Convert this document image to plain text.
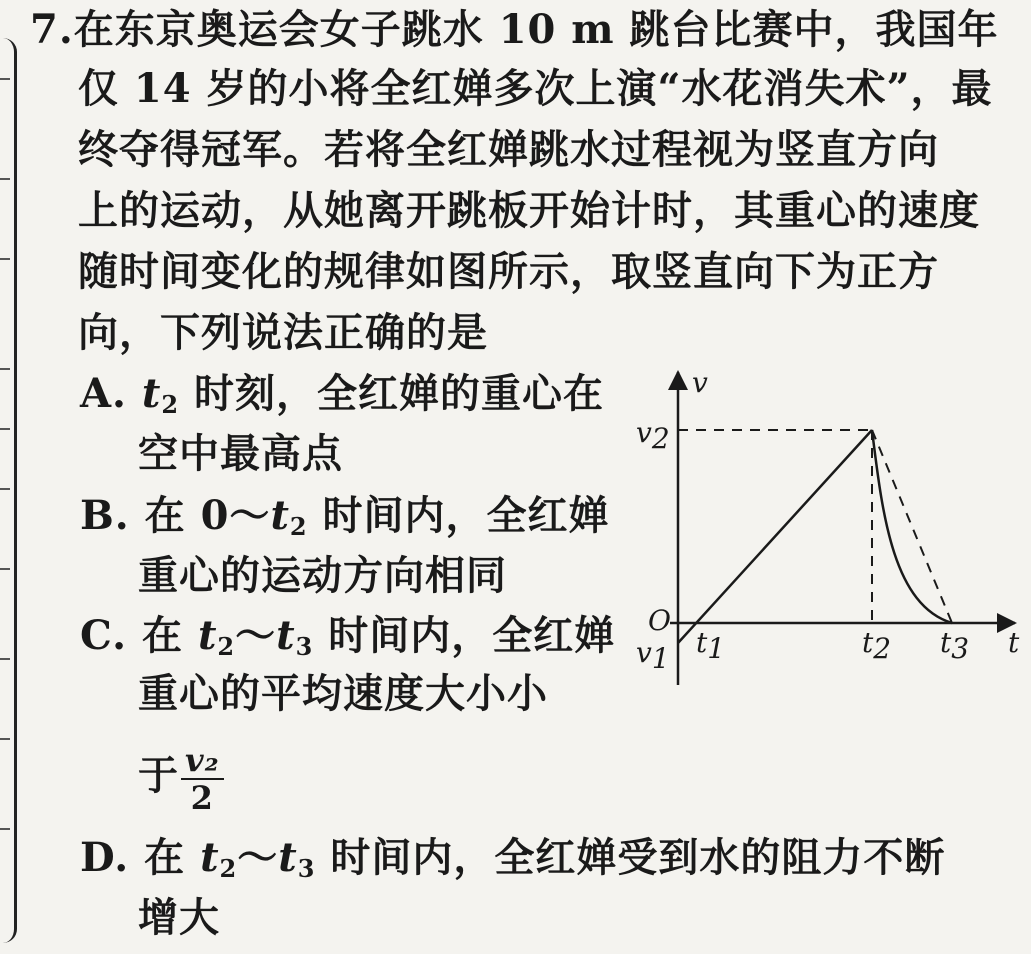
7.在东京奥运会女子跳水 10 m 跳台比赛中，我国年
仅 14 岁的小将全红婵多次上演“水花消失术”，最
终夺得冠军。若将全红婵跳水过程视为竖直方向
上的运动，从她离开跳板开始计时，其重心的速度
随时间变化的规律如图所示，取竖直向下为正方
向，下列说法正确的是
A. $t_2$ 时刻，全红婵的重心在
空中最高点
B. 在 $0\sim t_2$ 时间内，全红婵
重心的运动方向相同
C. 在 $t_2\sim t_3$ 时间内，全红婵
重心的平均速度大小小
于 $\frac{\text{v₂}}{2}$
D. 在 $t_2\sim t_3$ 时间内，全红婵受到水的阻力不断
增大
v
t
O
v2
v1 t1	t2 t3
